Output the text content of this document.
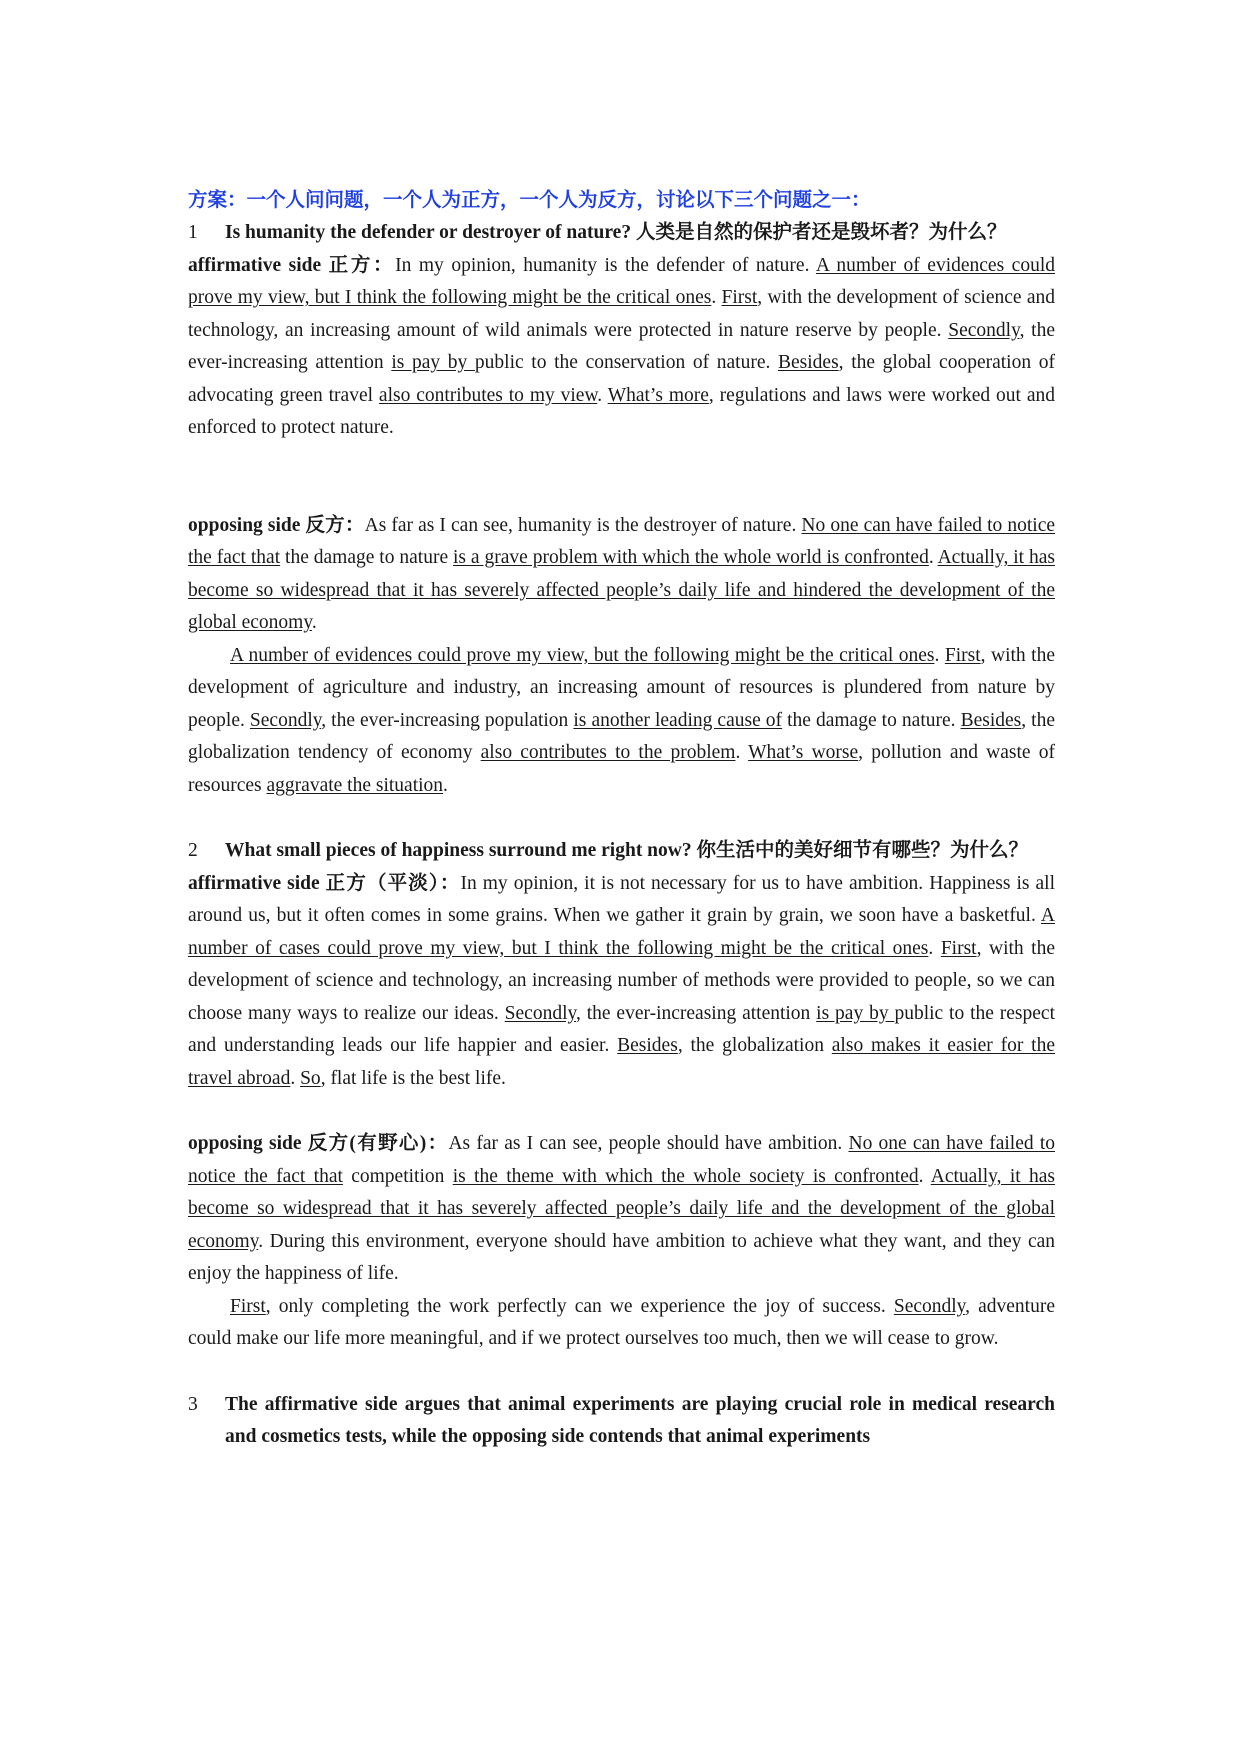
方案：一个人问问题，一个人为正方，一个人为反方，讨论以下三个问题之一：

1 Is humanity the defender or destroyer of nature? 人类是自然的保护者还是毁坏者？为什么？

affirmative side 正方：In my opinion, humanity is the defender of nature. A number of evidences could prove my view, but I think the following might be the critical ones. First, with the development of science and technology, an increasing amount of wild animals were protected in nature reserve by people. Secondly, the ever-increasing attention is pay by public to the conservation of nature. Besides, the global cooperation of advocating green travel also contributes to my view. What’s more, regulations and laws were worked out and enforced to protect nature.

opposing side 反方：As far as I can see, humanity is the destroyer of nature. No one can have failed to notice the fact that the damage to nature is a grave problem with which the whole world is confronted. Actually, it has become so widespread that it has severely affected people’s daily life and hindered the development of the global economy.

A number of evidences could prove my view, but the following might be the critical ones. First, with the development of agriculture and industry, an increasing amount of resources is plundered from nature by people. Secondly, the ever-increasing population is another leading cause of the damage to nature. Besides, the globalization tendency of economy also contributes to the problem. What’s worse, pollution and waste of resources aggravate the situation.

2 What small pieces of happiness surround me right now? 你生活中的美好细节有哪些？为什么？

affirmative side 正方（平淡）：In my opinion, it is not necessary for us to have ambition. Happiness is all around us, but it often comes in some grains. When we gather it grain by grain, we soon have a basketful. A number of cases could prove my view, but I think the following might be the critical ones. First, with the development of science and technology, an increasing number of methods were provided to people, so we can choose many ways to realize our ideas. Secondly, the ever-increasing attention is pay by public to the respect and understanding leads our life happier and easier. Besides, the globalization also makes it easier for the travel abroad. So, flat life is the best life.

opposing side 反方(有野心)：As far as I can see, people should have ambition. No one can have failed to notice the fact that competition is the theme with which the whole society is confronted. Actually, it has become so widespread that it has severely affected people’s daily life and the development of the global economy. During this environment, everyone should have ambition to achieve what they want, and they can enjoy the happiness of life.

First, only completing the work perfectly can we experience the joy of success. Secondly, adventure could make our life more meaningful, and if we protect ourselves too much, then we will cease to grow.

3 The affirmative side argues that animal experiments are playing crucial role in medical research and cosmetics tests, while the opposing side contends that animal experiments
